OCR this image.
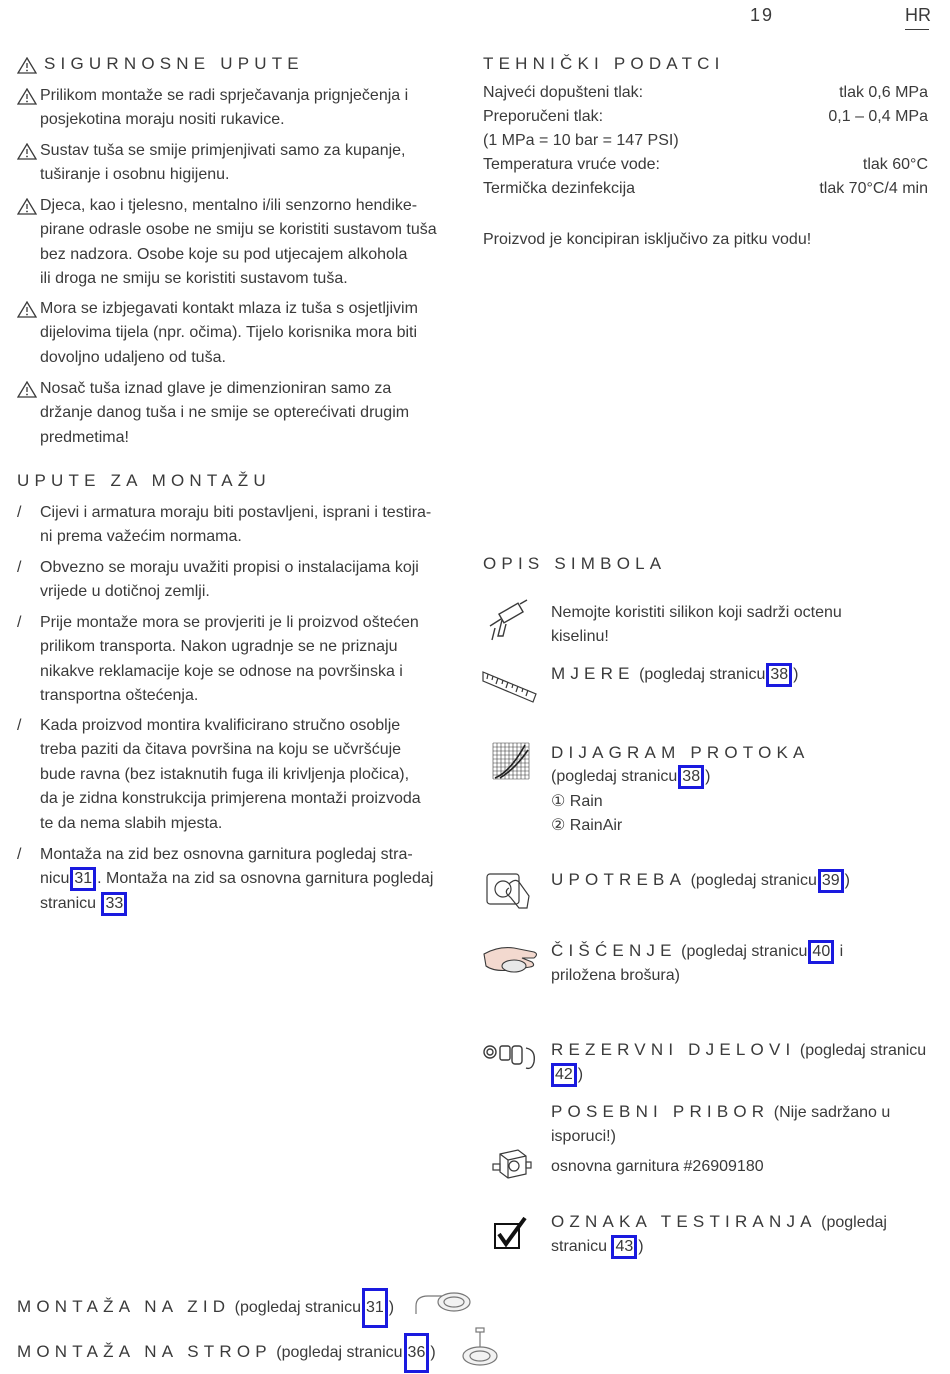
19	HR
SIGURNOSNE UPUTE
Prilikom montaže se radi sprječavanja prignječenja i
posjekotina moraju nositi rukavice.
Sustav tuša se smije primjenjivati samo za kupanje,
tuširanje i osobnu higijenu.
Djeca, kao i tjelesno, mentalno i/ili senzorno hendike-
pirane odrasle osobe ne smiju se koristiti sustavom tuša
bez nadzora. Osobe koje su pod utjecajem alkohola
ili droga ne smiju se koristiti sustavom tuša.
Mora se izbjegavati kontakt mlaza iz tuša s osjetljivim
dijelovima tijela (npr. očima). Tijelo korisnika mora biti
dovoljno udaljeno od tuša.
Nosač tuša iznad glave je dimenzioniran samo za
držanje danog tuša i ne smije se opterećivati drugim
predmetima!
UPUTE ZA MONTAŽU
/ Cijevi i armatura moraju biti postavljeni, isprani i testira-
ni prema važećim normama.
/ Obvezno se moraju uvažiti propisi o instalacijama koji
vrijede u dotičnoj zemlji.
/ Prije montaže mora se provjeriti je li proizvod oštećen
prilikom transporta. Nakon ugradnje se ne priznaju
nikakve reklamacije koje se odnose na površinska i
transportna oštećenja.
/ Kada proizvod montira kvalificirano stručno osoblje
treba paziti da čitava površina na koju se učvršćuje
bude ravna (bez istaknutih fuga ili krivljenja pločica),
da je zidna konstrukcija primjerena montaži proizvoda
te da nema slabih mjesta.
/ Montaža na zid bez osnovna garnitura pogledaj stra-
nicu 31 . Montaža na zid sa osnovna garnitura pogledaj
stranicu 33
TEHNIČKI PODATCI
Najveći dopušteni tlak:	tlak 0,6 MPa
Preporučeni tlak:	0,1 – 0,4 MPa
(1 MPa = 10 bar = 147 PSI)
Temperatura vruće vode:	tlak 60°C
Termička dezinfekcija	tlak 70°C/4 min
Proizvod je koncipiran isključivo za pitku vodu!
OPIS SIMBOLA
Nemojte koristiti silikon koji sadrži octenu
kiselinu!
MJERE (pogledaj stranicu 38 )
DIJAGRAM PROTOKA
(pogledaj stranicu 38 )
① Rain
② RainAir
UPOTREBA (pogledaj stranicu 39 )
ČIŠĆENJE (pogledaj stranicu 40 i
priložena brošura)
REZERVNI DJELOVI (pogledaj stranicu
42 )
POSEBNI PRIBOR (Nije sadržano u
isporuci!)
osnovna garnitura #26909180
OZNAKA TESTIRANJA (pogledaj
stranicu 43 )
MONTAŽA NA ZID (pogledaj stranicu 31 )
MONTAŽA NA STROP (pogledaj stranicu 36 )
